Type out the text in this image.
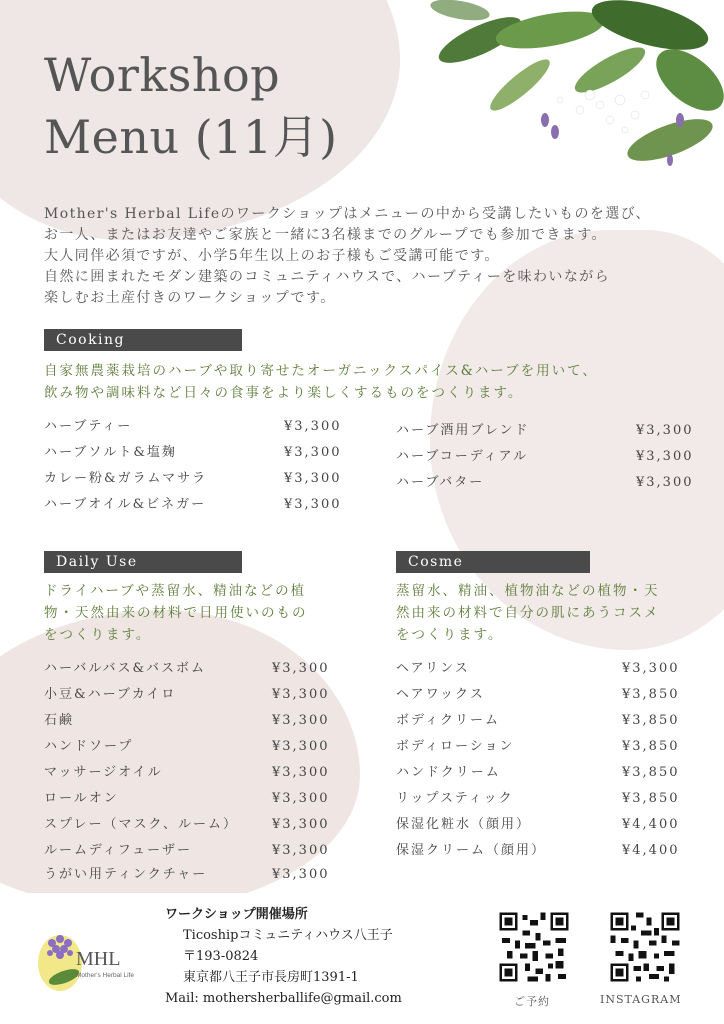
Workshop
Menu (11月)
Mother's Herbal Lifeのワークショップはメニューの中から受講したいものを選び、
お一人、またはお友達やご家族と一緒に3名様までのグループでも参加できます。
大人同伴必須ですが、小学5年生以上のお子様もご受講可能です。
自然に囲まれたモダン建築のコミュニティハウスで、ハーブティーを味わいながら
楽しむお土産付きのワークショップです。
Cooking
自家無農薬栽培のハーブや取り寄せたオーガニックスパイス&ハーブを用いて、
飲み物や調味料など日々の食事をより楽しくするものをつくります。
ハーブティー	¥3,300
ハーブソルト&塩麹	¥3,300
カレー粉&ガラムマサラ	¥3,300
ハーブオイル&ビネガー	¥3,300
ハーブ酒用ブレンド	¥3,300
ハーブコーディアル	¥3,300
ハーブバター	¥3,300
Daily Use
ドライハーブや蒸留水、精油などの植
物・天然由来の材料で日用使いのもの
をつくります。
ハーバルバス&バスボム	¥3,300
小豆&ハーブカイロ	¥3,300
石鹸	¥3,300
ハンドソープ	¥3,300
マッサージオイル	¥3,300
ロールオン	¥3,300
スプレー（マスク、ルーム）	¥3,300
ルームディフューザー	¥3,300
うがい用ティンクチャー	¥3,300
Cosme
蒸留水、精油、植物油などの植物・天
然由来の材料で自分の肌にあうコスメ
をつくります。
ヘアリンス	¥3,300
ヘアワックス	¥3,850
ボディクリーム	¥3,850
ボディローション	¥3,850
ハンドクリーム	¥3,850
リップスティック	¥3,850
保湿化粧水（顔用）	¥4,400
保湿クリーム（顔用）	¥4,400
MHL
Mother's Herbal Life
ワークショップ開催場所
Ticoshipコミュニティハウス八王子
〒193-0824
東京都八王子市長房町1391-1
Mail: mothersherballife@gmail.com	ご予約	INSTAGRAM
